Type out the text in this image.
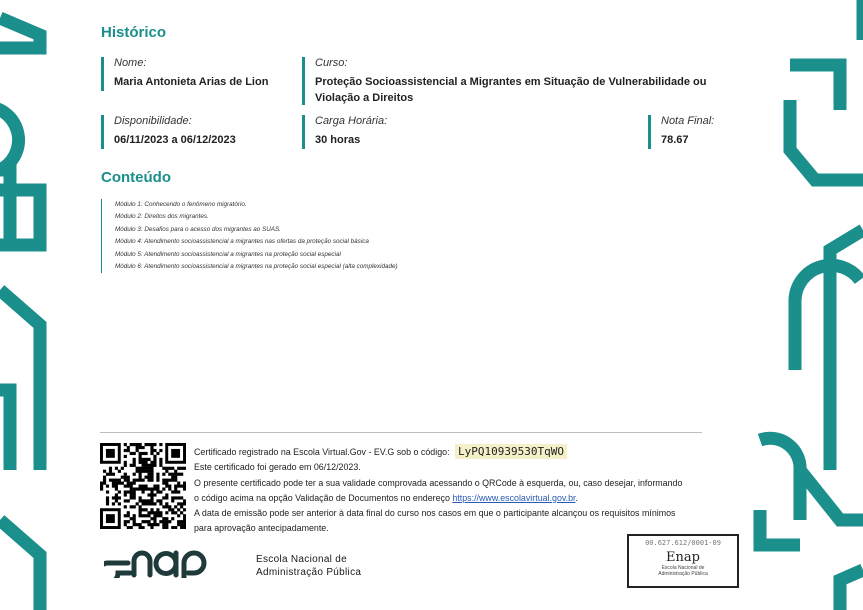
Histórico
Nome:
Maria Antonieta Arias de Lion
Curso:
Proteção Socioassistencial a Migrantes em Situação de Vulnerabilidade ou
Violação a Direitos
Disponibilidade:
06/11/2023 a 06/12/2023
Carga Horária:
30 horas
Nota Final:
78.67
Conteúdo
Módulo 1: Conhecendo o fenômeno migratório.
Módulo 2: Direitos dos migrantes.
Módulo 3: Desafios para o acesso dos migrantes ao SUAS.
Módulo 4: Atendimento socioassistencial a migrantes nas ofertas da proteção social básica
Módulo 5: Atendimento socioassistencial a migrantes na proteção social especial
Módulo 6: Atendimento socioassistencial a migrantes na proteção social especial (alta complexidade)
Certificado registrado na Escola Virtual.Gov - EV.G sob o código: LyPQ10939530TqWO
Este certificado foi gerado em 06/12/2023.
O presente certificado pode ter a sua validade comprovada acessando o QRCode à esquerda, ou, caso desejar, informando
o código acima na opção Validação de Documentos no endereço https://www.escolavirtual.gov.br.
A data de emissão pode ser anterior à data final do curso nos casos em que o participante alcançou os requisitos mínimos
para aprovação antecipadamente.
Escola Nacional de
Administração Pública
00.627.612/0001-09
Enap
Escola Nacional de
Administração Pública
